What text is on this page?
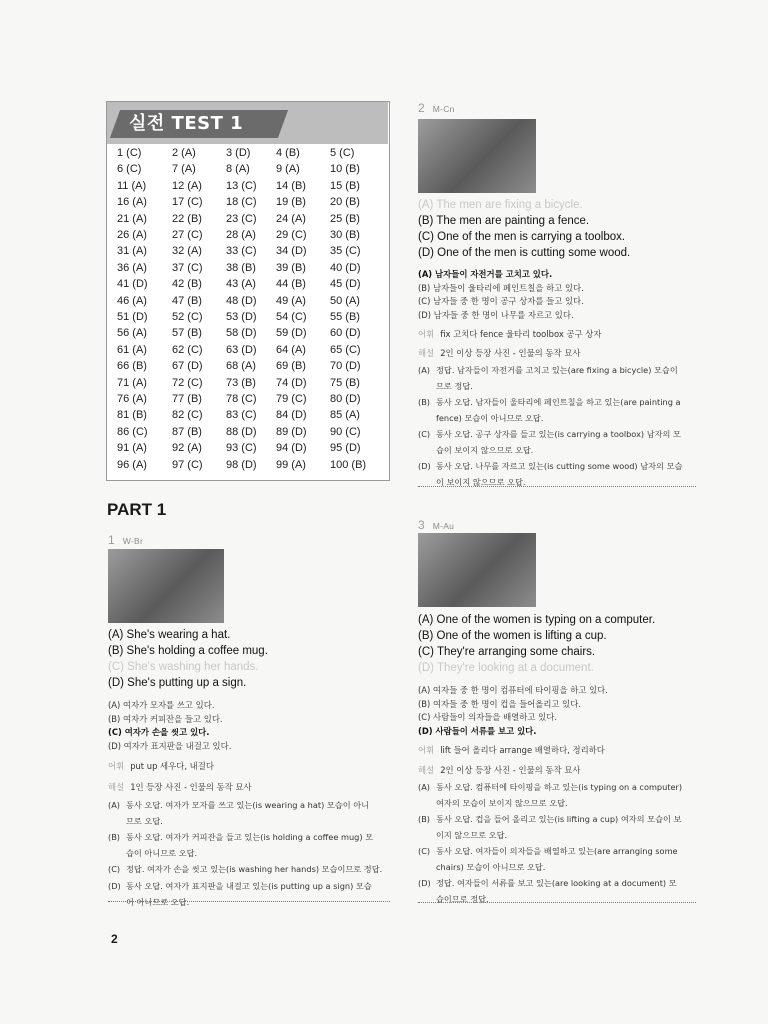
실전 TEST 1
1 (C)	2 (A)	3 (D)	4 (B)	5 (C)
6 (C)	7 (A)	8 (A)	9 (A)	10 (B)
11 (A)	12 (A)	13 (C)	14 (B)	15 (B)
16 (A)	17 (C)	18 (C)	19 (B)	20 (B)
21 (A)	22 (B)	23 (C)	24 (A)	25 (B)
26 (A)	27 (C)	28 (A)	29 (C)	30 (B)
31 (A)	32 (A)	33 (C)	34 (D)	35 (C)
36 (A)	37 (C)	38 (B)	39 (B)	40 (D)
41 (D)	42 (B)	43 (A)	44 (B)	45 (D)
46 (A)	47 (B)	48 (D)	49 (A)	50 (A)
51 (D)	52 (C)	53 (D)	54 (C)	55 (B)
56 (A)	57 (B)	58 (D)	59 (D)	60 (D)
61 (A)	62 (C)	63 (D)	64 (A)	65 (C)
66 (B)	67 (D)	68 (A)	69 (B)	70 (D)
71 (A)	72 (C)	73 (B)	74 (D)	75 (B)
76 (A)	77 (B)	78 (C)	79 (C)	80 (D)
81 (B)	82 (C)	83 (C)	84 (D)	85 (A)
86 (C)	87 (B)	88 (D)	89 (D)	90 (C)
91 (A)	92 (A)	93 (C)	94 (D)	95 (D)
96 (A)	97 (C)	98 (D)	99 (A)	100 (B)
PART 1
1 W-Br
(A) She's wearing a hat.
(B) She's holding a coffee mug.
(C) She's washing her hands.
(D) She's putting up a sign.
(A) 여자가 모자를 쓰고 있다.
(B) 여자가 커피잔을 들고 있다.
(C) 여자가 손을 씻고 있다.
(D) 여자가 표지판을 내걸고 있다.
어휘 put up 세우다, 내걸다
해설 1인 등장 사진 - 인물의 동작 묘사
(A) 동사 오답. 여자가 모자를 쓰고 있는(is wearing a hat) 모습이 아니
므로 오답.
(B) 동사 오답. 여자가 커피잔을 들고 있는(is holding a coffee mug) 모
습이 아니므로 오답.
(C) 정답. 여자가 손을 씻고 있는(is washing her hands) 모습이므로 정답.
(D) 동사 오답. 여자가 표지판을 내걸고 있는(is putting up a sign) 모습
이 아니므로 오답.
2 M-Cn
(A) The men are fixing a bicycle.
(B) The men are painting a fence.
(C) One of the men is carrying a toolbox.
(D) One of the men is cutting some wood.
(A) 남자들이 자전거를 고치고 있다.
(B) 남자들이 울타리에 페인트칠을 하고 있다.
(C) 남자들 중 한 명이 공구 상자를 들고 있다.
(D) 남자들 중 한 명이 나무를 자르고 있다.
어휘 fix 고치다 fence 울타리 toolbox 공구 상자
해설 2인 이상 등장 사진 - 인물의 동작 묘사
(A) 정답. 남자들이 자전거를 고치고 있는(are fixing a bicycle) 모습이
므로 정답.
(B) 동사 오답. 남자들이 울타리에 페인트칠을 하고 있는(are painting a
fence) 모습이 아니므로 오답.
(C) 동사 오답. 공구 상자를 들고 있는(is carrying a toolbox) 남자의 모
습이 보이지 않으므로 오답.
(D) 동사 오답. 나무를 자르고 있는(is cutting some wood) 남자의 모습
이 보이지 않으므로 오답.
3 M-Au
(A) One of the women is typing on a computer.
(B) One of the women is lifting a cup.
(C) They're arranging some chairs.
(D) They're looking at a document.
(A) 여자들 중 한 명이 컴퓨터에 타이핑을 하고 있다.
(B) 여자들 중 한 명이 컵을 들어올리고 있다.
(C) 사람들이 의자들을 배열하고 있다.
(D) 사람들이 서류를 보고 있다.
어휘 lift 들어 올리다 arrange 배열하다, 정리하다
해설 2인 이상 등장 사진 - 인물의 동작 묘사
(A) 동사 오답. 컴퓨터에 타이핑을 하고 있는(is typing on a computer)
여자의 모습이 보이지 않으므로 오답.
(B) 동사 오답. 컵을 들어 올리고 있는(is lifting a cup) 여자의 모습이 보
이지 않으므로 오답.
(C) 동사 오답. 여자들이 의자들을 배열하고 있는(are arranging some
chairs) 모습이 아니므로 오답.
(D) 정답. 여자들이 서류를 보고 있는(are looking at a document) 모
습이므로 정답.
2
